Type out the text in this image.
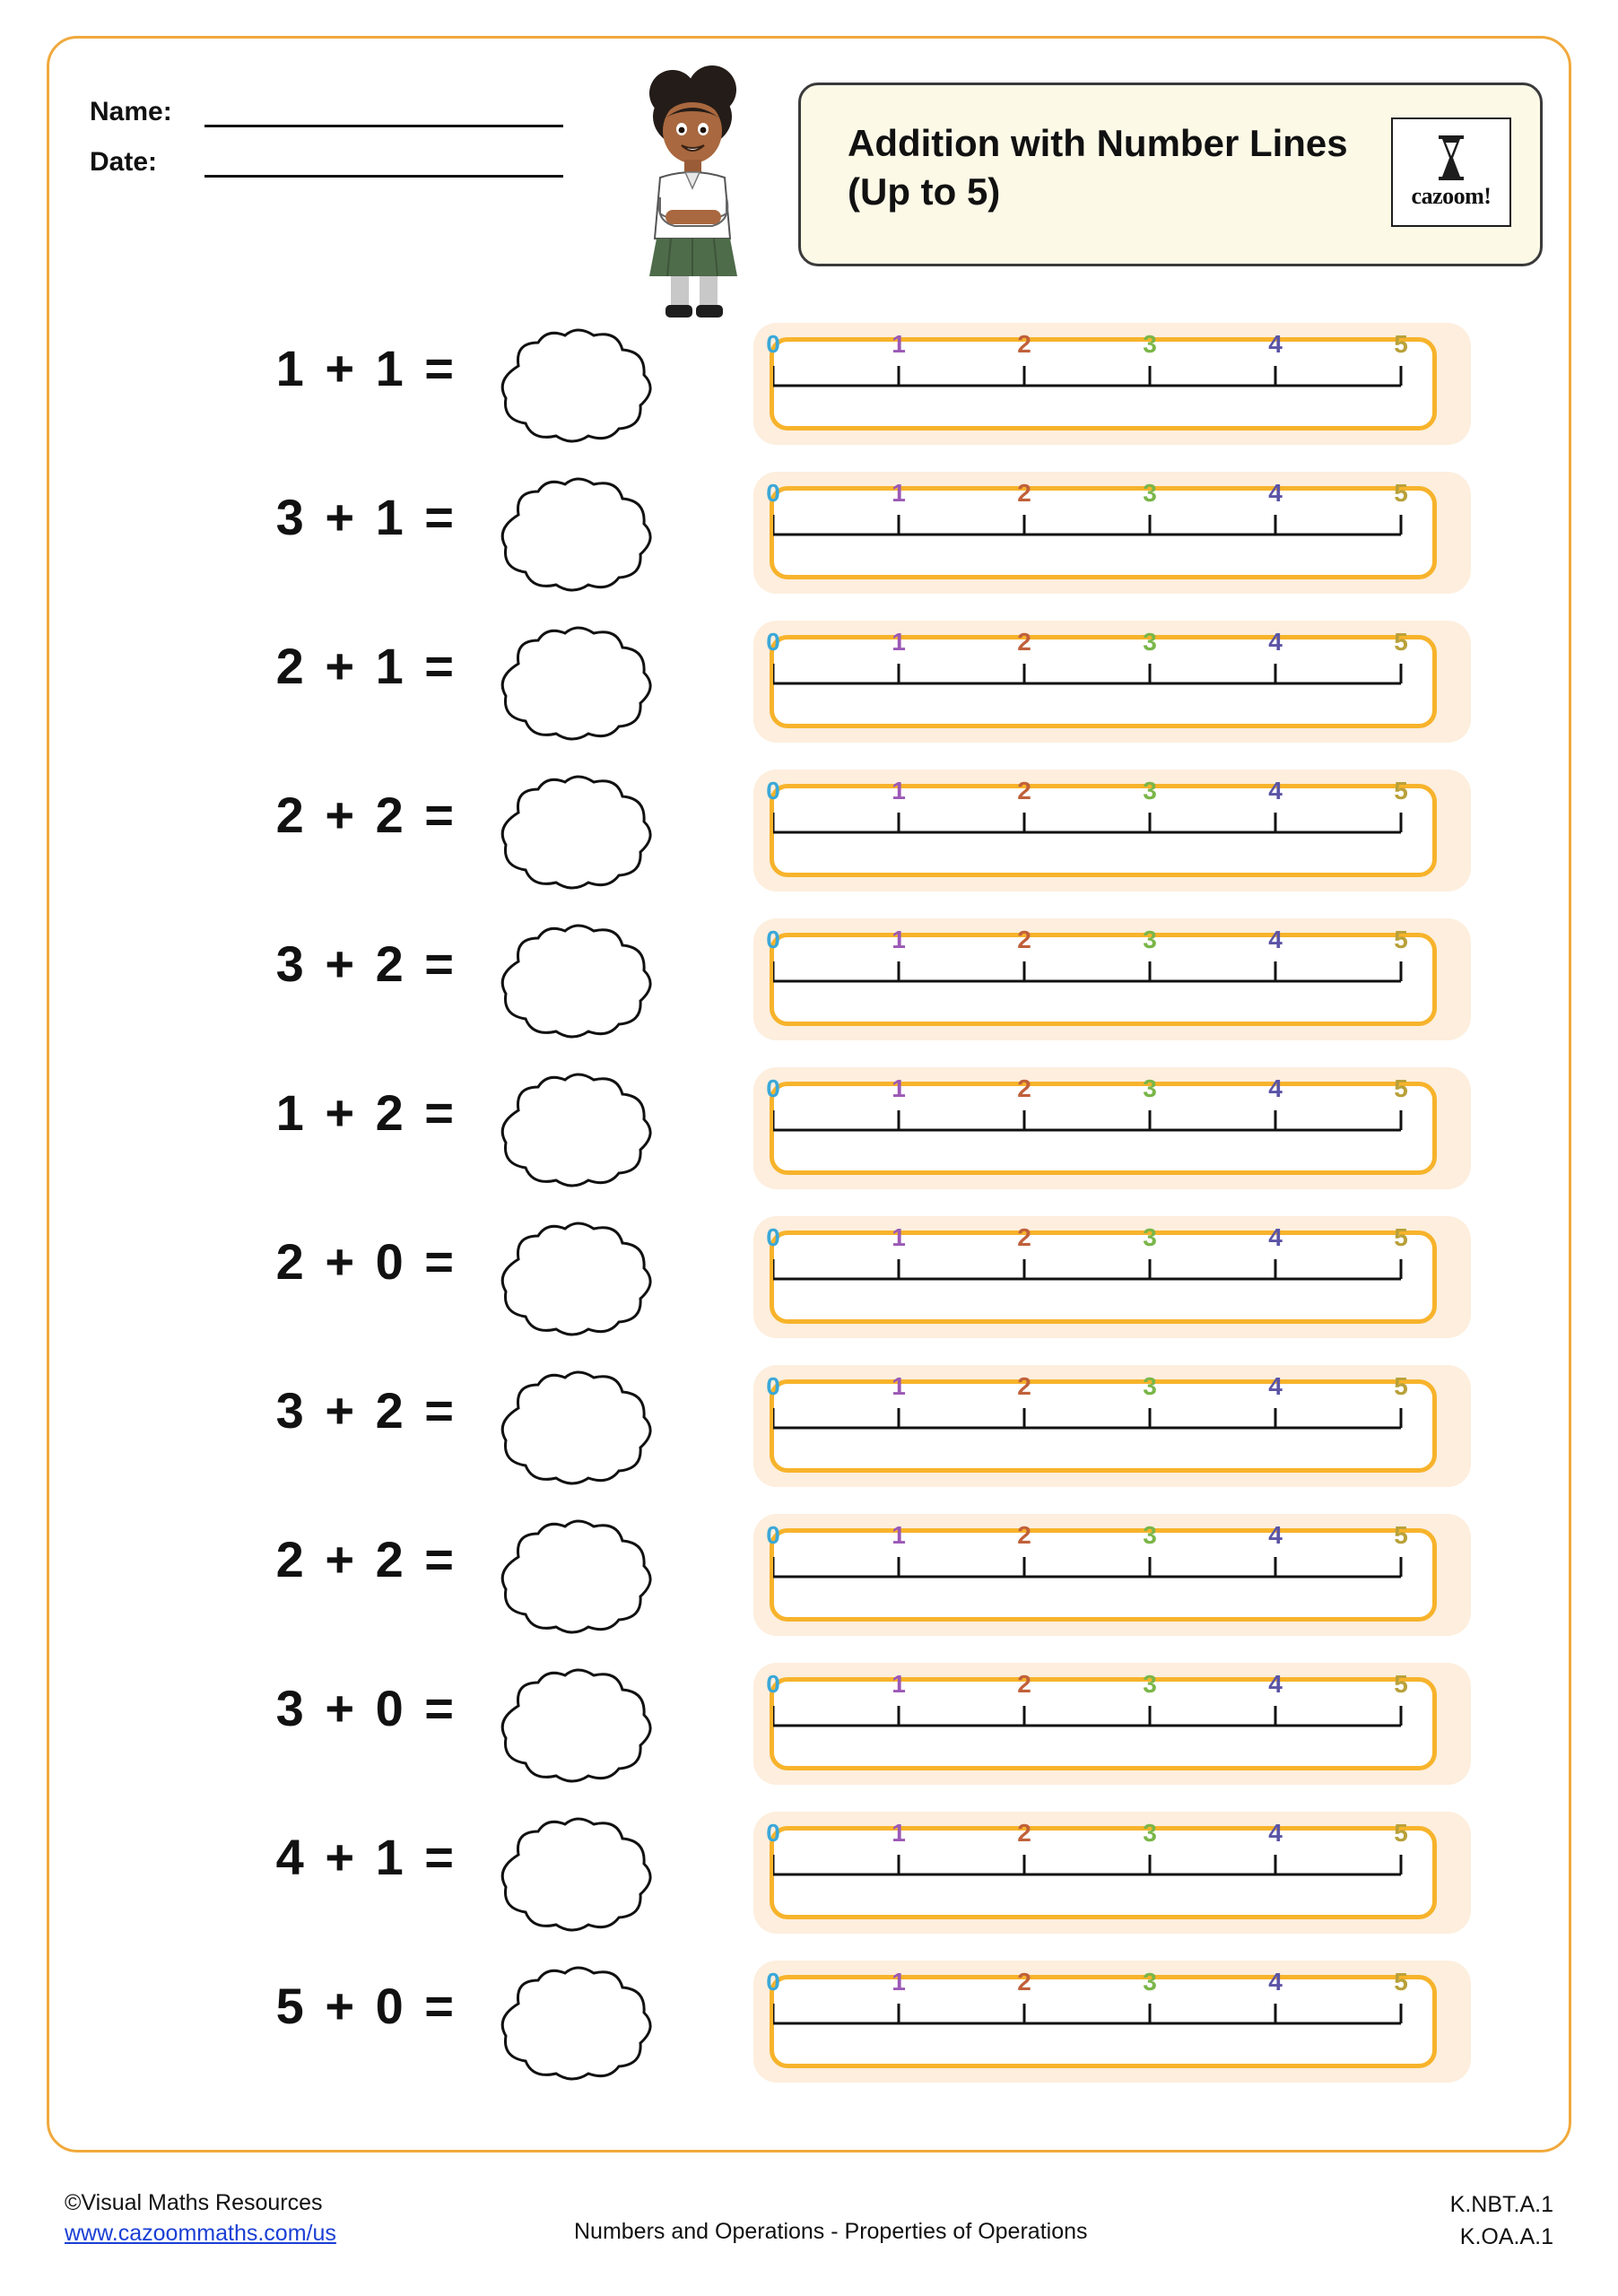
Name:
Date:	Addition with Number Lines (Up to 5)	cazoom!
1 + 1 =	0	1	2	3	4	5
3 + 1 =	0	1	2	3	4	5
2 + 1 =	0	1	2	3	4	5
2 + 2 =	0	1	2	3	4	5
3 + 2 =	0	1	2	3	4	5
1 + 2 =	0	1	2	3	4	5
2 + 0 =	0	1	2	3	4	5
3 + 2 =	0	1	2	3	4	5
2 + 2 =	0	1	2	3	4	5
3 + 0 =	0	1	2	3	4	5
4 + 1 =	0	1	2	3	4	5
5 + 0 =	0	1	2	3	4	5
©Visual Maths Resources
www.cazoommaths.com/us	Numbers and Operations - Properties of Operations
K.NBT.A.1
K.OA.A.1
